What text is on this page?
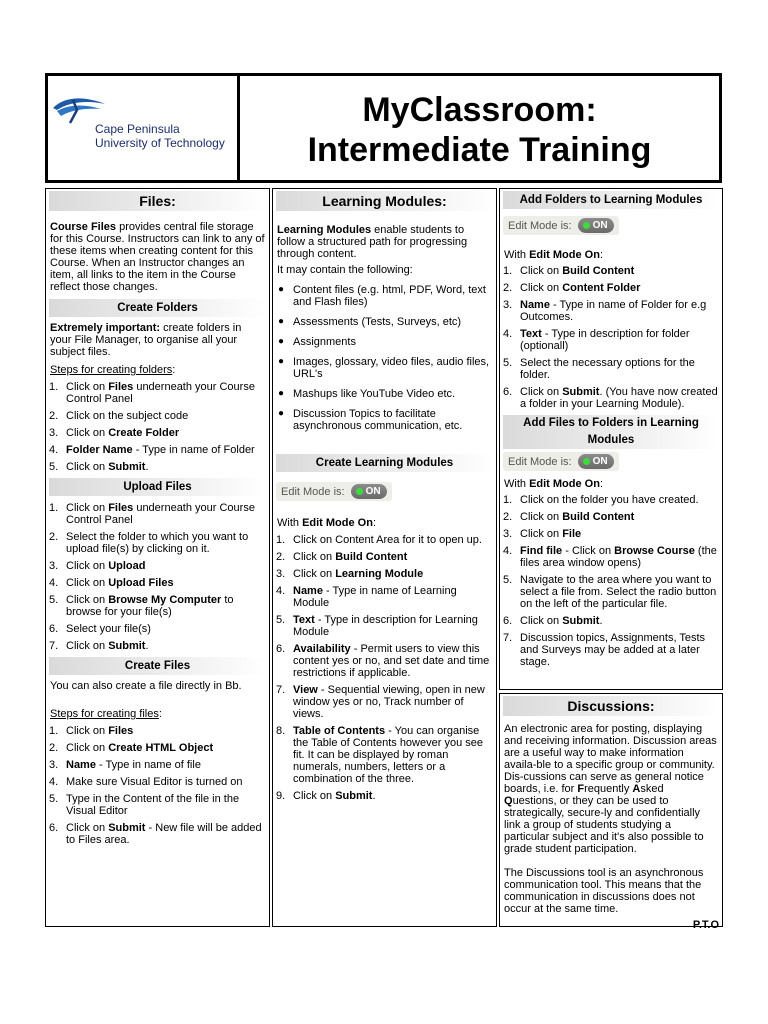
Cape Peninsula
University of Technology
MyClassroom:
Intermediate Training
Files:

Course Files provides central file storage for this Course. Instructors can link to any of these items when creating content for this Course. When an Instructor changes an item, all links to the item in the Course reflect those changes.

Create Folders

Extremely important: create folders in your File Manager, to organise all your subject files.

Steps for creating folders:

1. Click on Files underneath your Course Control Panel
2. Click on the subject code
3. Click on Create Folder
4. Folder Name - Type in name of Folder
5. Click on Submit.
Upload Files
1. Click on Files underneath your Course Control Panel
2. Select the folder to which you want to upload file(s) by clicking on it.
3. Click on Upload
4. Click on Upload Files
5. Click on Browse My Computer to browse for your file(s)
6. Select your file(s)
7. Click on Submit.
Create Files

You can also create a file directly in Bb.

Steps for creating files:

1. Click on Files
2. Click on Create HTML Object
3. Name - Type in name of file
4. Make sure Visual Editor is turned on
5. Type in the Content of the file in the Visual Editor
6. Click on Submit - New file will be added to Files area.
Learning Modules:

Learning Modules enable students to follow a structured path for progressing through content.

It may contain the following:

● Content files (e.g. html, PDF, Word, text and Flash files)
● Assessments (Tests, Surveys, etc)
● Assignments
● Images, glossary, video files, audio files, URL's
● Mashups like YouTube Video etc.
● Discussion Topics to facilitate asynchronous communication, etc.
Create Learning Modules
Edit Mode is: ON

With Edit Mode On:

1. Click on Content Area for it to open up.
2. Click on Build Content
3. Click on Learning Module
4. Name - Type in name of Learning Module
5. Text - Type in description for Learning Module
6. Availability - Permit users to view this content yes or no, and set date and time restrictions if applicable.
7. View - Sequential viewing, open in new window yes or no, Track number of views.
8. Table of Contents - You can organise the Table of Contents however you see fit. It can be displayed by roman numerals, numbers, letters or a combination of the three.
9. Click on Submit.
Add Folders to Learning Modules
Edit Mode is: ON

With Edit Mode On:

1. Click on Build Content
2. Click on Content Folder
3. Name - Type in name of Folder for e.g Outcomes.
4. Text - Type in description for folder (optionall)
5. Select the necessary options for the folder.
6. Click on Submit. (You have now created a folder in your Learning Module).
Add Files to Folders in Learning Modules
Edit Mode is: ON

With Edit Mode On:

1. Click on the folder you have created.
2. Click on Build Content
3. Click on File
4. Find file - Click on Browse Course (the files area window opens)
5. Navigate to the area where you want to select a file from. Select the radio button on the left of the particular file.
6. Click on Submit.
7. Discussion topics, Assignments, Tests and Surveys may be added at a later stage.
Discussions:

An electronic area for posting, displaying and receiving information. Discussion areas are a useful way to make information availa-ble to a specific group or community. Dis-cussions can serve as general notice boards, i.e. for Frequently Asked Questions, or they can be used to strategically, secure-ly and confidentially link a group of students studying a particular subject and it's also possible to grade student participation.

The Discussions tool is an asynchronous communication tool. This means that the communication in discussions does not occur at the same time.

P.T.O
